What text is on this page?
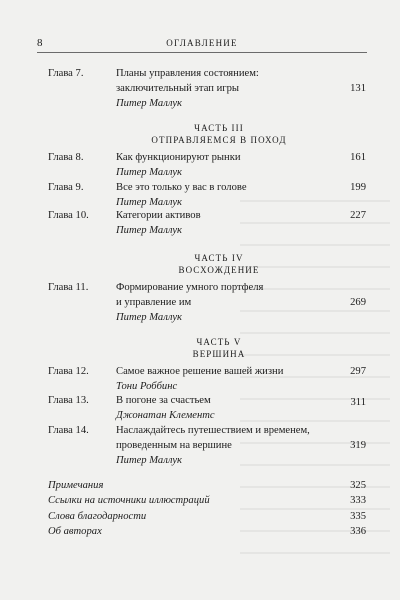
8	ОГЛАВЛЕНИЕ
Глава 7.	Планы управления состоянием:
заключительный этап игры
Питер Маллук
131
ЧАСТЬ III
ОТПРАВЛЯЕМСЯ В ПОХОД
Глава 8.	Как функционируют рынки
Питер Маллук
161
Глава 9.	Все это только у вас в голове
Питер Маллук
199
Глава 10.	Категории активов
Питер Маллук
227
ЧАСТЬ IV
ВОСХОЖДЕНИЕ
Глава 11.	Формирование умного портфеля
и управление им
Питер Маллук
269
ЧАСТЬ V
ВЕРШИНА
Глава 12.	Самое важное решение вашей жизни
Тони Роббинс
297
Глава 13.	В погоне за счастьем
Джонатан Клементс
311
Глава 14.	Наслаждайтесь путешествием и временем,
проведенным на вершине
Питер Маллук
319
Примечания	325
Ссылки на источники иллюстраций	333
Слова благодарности	335
Об авторах	336
